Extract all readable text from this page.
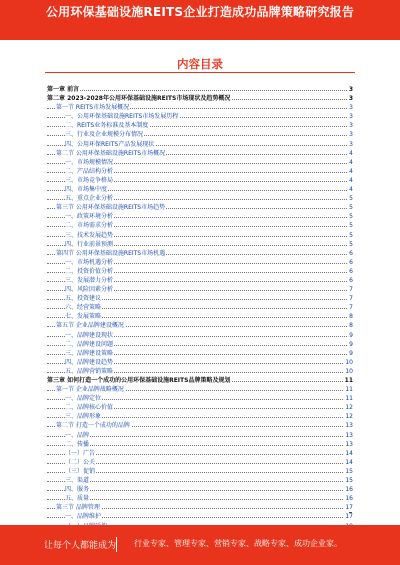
公用环保基础设施REITS企业打造成功品牌策略研究报告
内容目录
第一章 前言	3
第二章 2023-2028年公用环保基础设施REITS市场现状及趋势概况	3
第一节 REITS市场发展概况	3
一、公用环保基础设施REITS市场发展历程	3
二、REITS业务标准及基本制度	3
三、行业及企业规模分布情况	3
四、公用环保REITS产品发展现状	3
第二节 公用环保基础设施REITS市场概况	4
一、市场规模情况	4
二、产品结构分析	4
三、市场竞争格局	4
四、市场集中度	4
五、重点企业分析	5
第三节 公用环保基础设施REITS市场趋势	5
一、政策环境分析	5
二、市场需求分析	5
三、技术发展趋势	5
四、行业前景预测	5
第四节 公用环保基础设施REITS市场机遇	6
一、市场机遇分析	6
二、投资价值分析	6
三、发展潜力分析	6
四、风险因素分析	7
五、投资建议	7
六、经营策略	7
七、发展策略	8
第五节 企业品牌建设概况	8
一、品牌建设现状	9
二、品牌建设问题	9
三、品牌建设策略	9
四、品牌建设趋势	10
五、品牌营销策略	10
第三章 如何打造一个成功的公用环保基础设施REITS品牌策略及规划	11
第一节 企业品牌战略概况	11
一、品牌定位	11
二、品牌核心价值	12
三、品牌形象	12
第二节 打造一个成功的品牌	13
一、品牌	13
二、传播	13
（一）广告	14
（二）公关	14
（三）促销	15
三、渠道	15
四、服务	16
五、质量	16
第三节 品牌管理	17
一、品牌维护	17
让每个人都能成为 行业专家、管理专家、营销专家、战略专家、成功企业家。
